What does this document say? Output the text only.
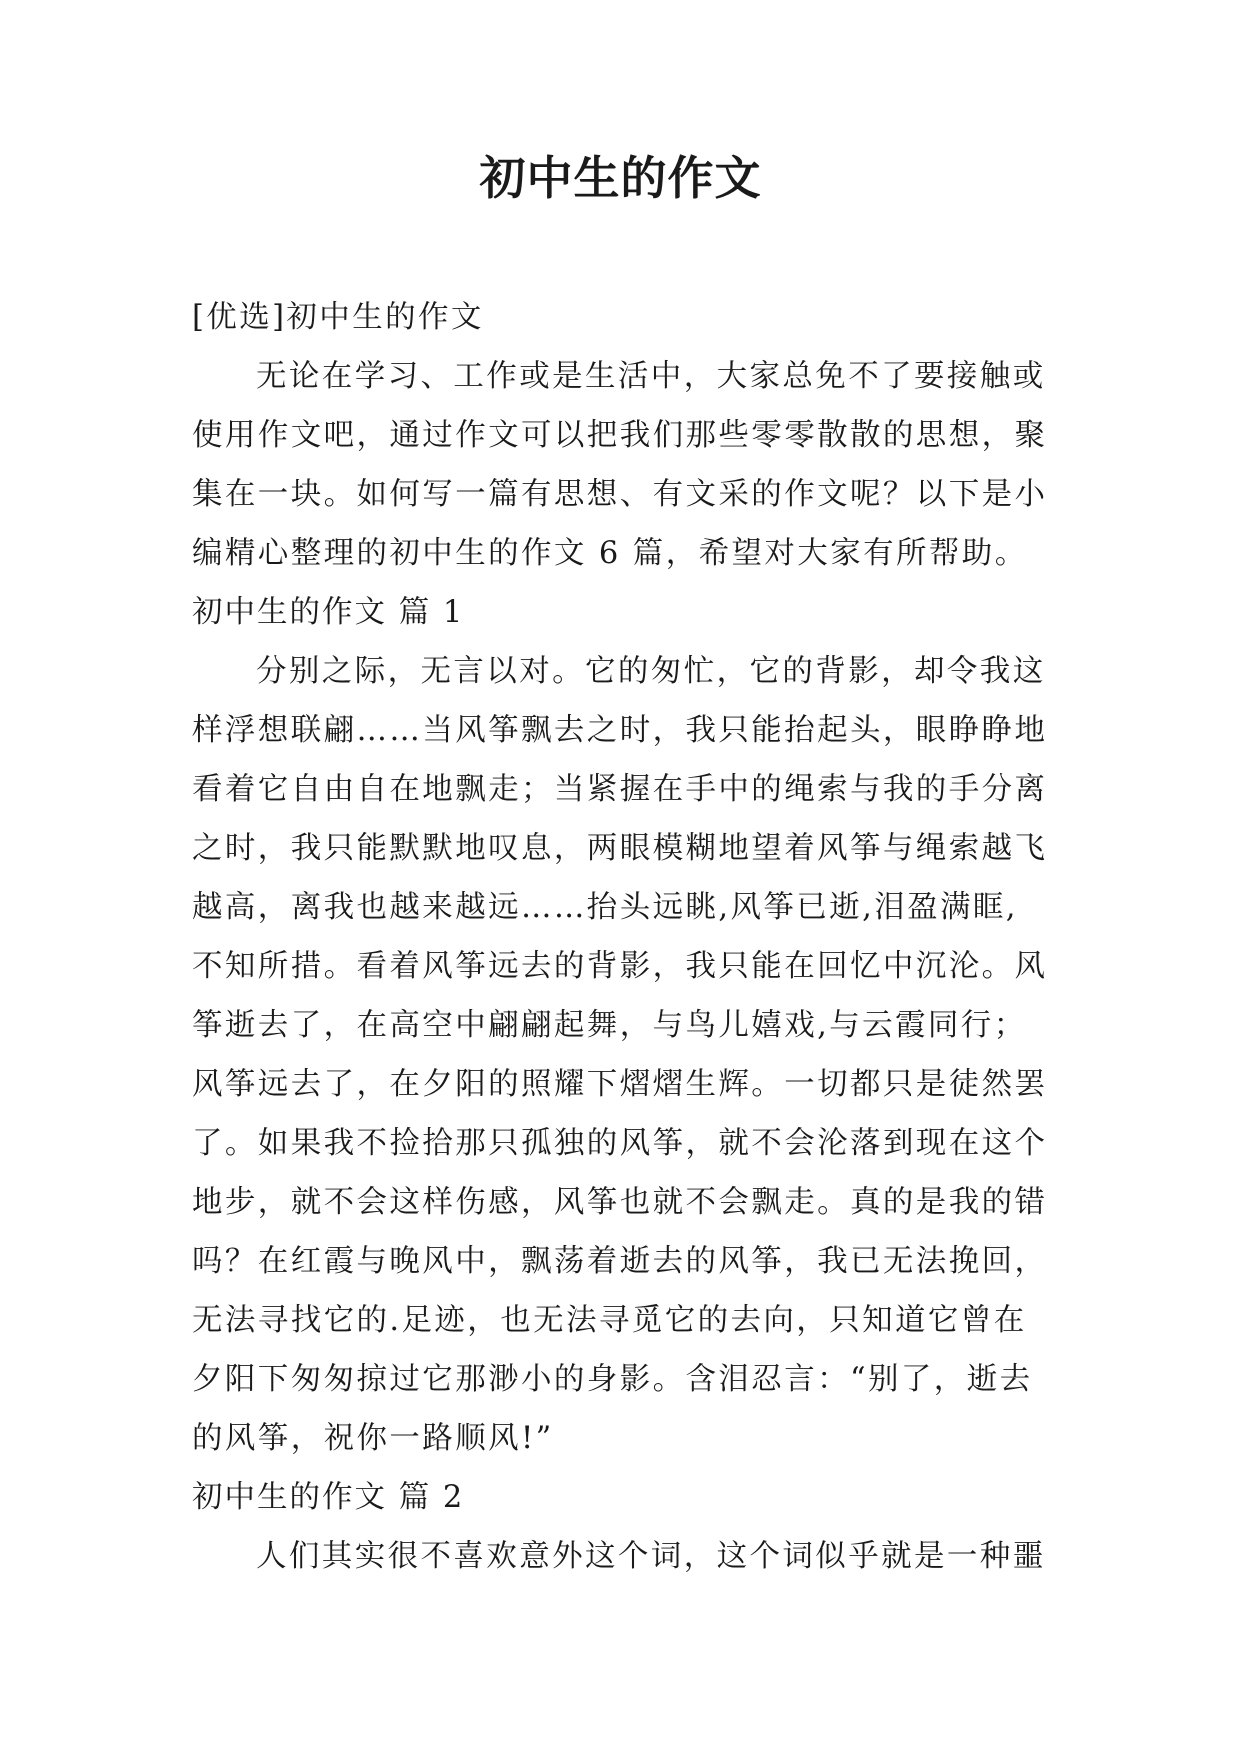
初中生的作文
[优选]初中生的作文
无论在学习、工作或是生活中，大家总免不了要接触或
使用作文吧，通过作文可以把我们那些零零散散的思想，聚
集在一块。如何写一篇有思想、有文采的作文呢？以下是小
编精心整理的初中生的作文 6 篇，希望对大家有所帮助。
初中生的作文 篇 1
分别之际，无言以对。它的匆忙，它的背影，却令我这
样浮想联翩……当风筝飘去之时，我只能抬起头，眼睁睁地
看着它自由自在地飘走；当紧握在手中的绳索与我的手分离
之时，我只能默默地叹息，两眼模糊地望着风筝与绳索越飞
越高，离我也越来越远……抬头远眺,风筝已逝,泪盈满眶,
不知所措。看着风筝远去的背影，我只能在回忆中沉沦。风
筝逝去了，在高空中翩翩起舞，与鸟儿嬉戏,与云霞同行；
风筝远去了，在夕阳的照耀下熠熠生辉。一切都只是徒然罢
了。如果我不捡拾那只孤独的风筝，就不会沦落到现在这个
地步，就不会这样伤感，风筝也就不会飘走。真的是我的错
吗？在红霞与晚风中，飘荡着逝去的风筝，我已无法挽回，
无法寻找它的.足迹，也无法寻觅它的去向，只知道它曾在
夕阳下匆匆掠过它那渺小的身影。含泪忍言：“别了，逝去
的风筝，祝你一路顺风!”
初中生的作文 篇 2
人们其实很不喜欢意外这个词，这个词似乎就是一种噩
